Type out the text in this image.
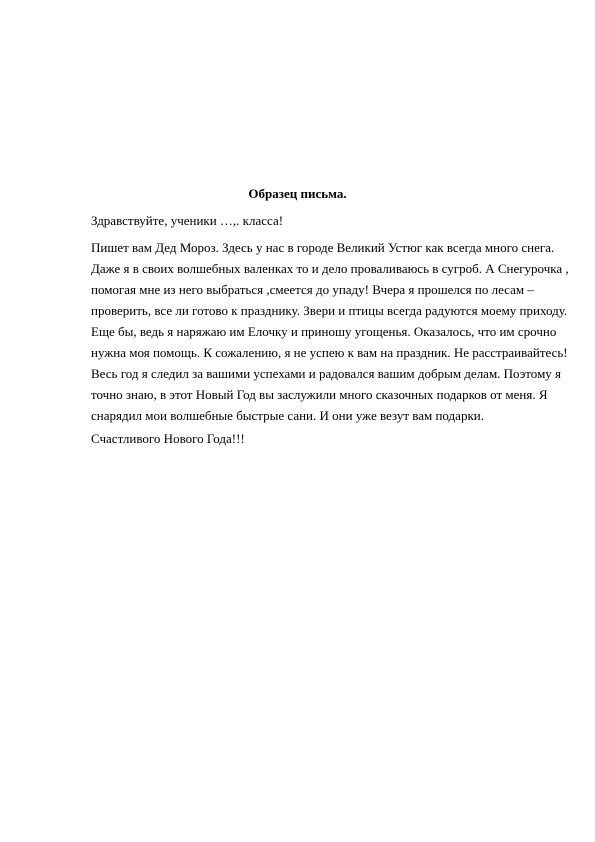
Образец письма.
Здравствуйте, ученики …,. класса!
Пишет вам Дед Мороз. Здесь у нас в городе Великий Устюг как всегда много снега.
Даже я в своих волшебных валенках то и дело проваливаюсь в сугроб. А Снегурочка ,
помогая мне из него выбраться ,смеется до упаду! Вчера я прошелся по лесам –
проверить, все ли готово к празднику. Звери и птицы всегда радуются моему приходу.
Еще бы, ведь я наряжаю им Елочку и приношу угощенья. Оказалось, что им срочно
нужна моя помощь. К сожалению, я не успею к вам на праздник. Не расстраивайтесь!
Весь год я следил за вашими успехами и радовался вашим добрым делам. Поэтому я
точно знаю, в этот Новый Год вы заслужили много сказочных подарков от меня. Я
снарядил мои волшебные быстрые сани. И они уже везут вам подарки.
Счастливого Нового Года!!!
